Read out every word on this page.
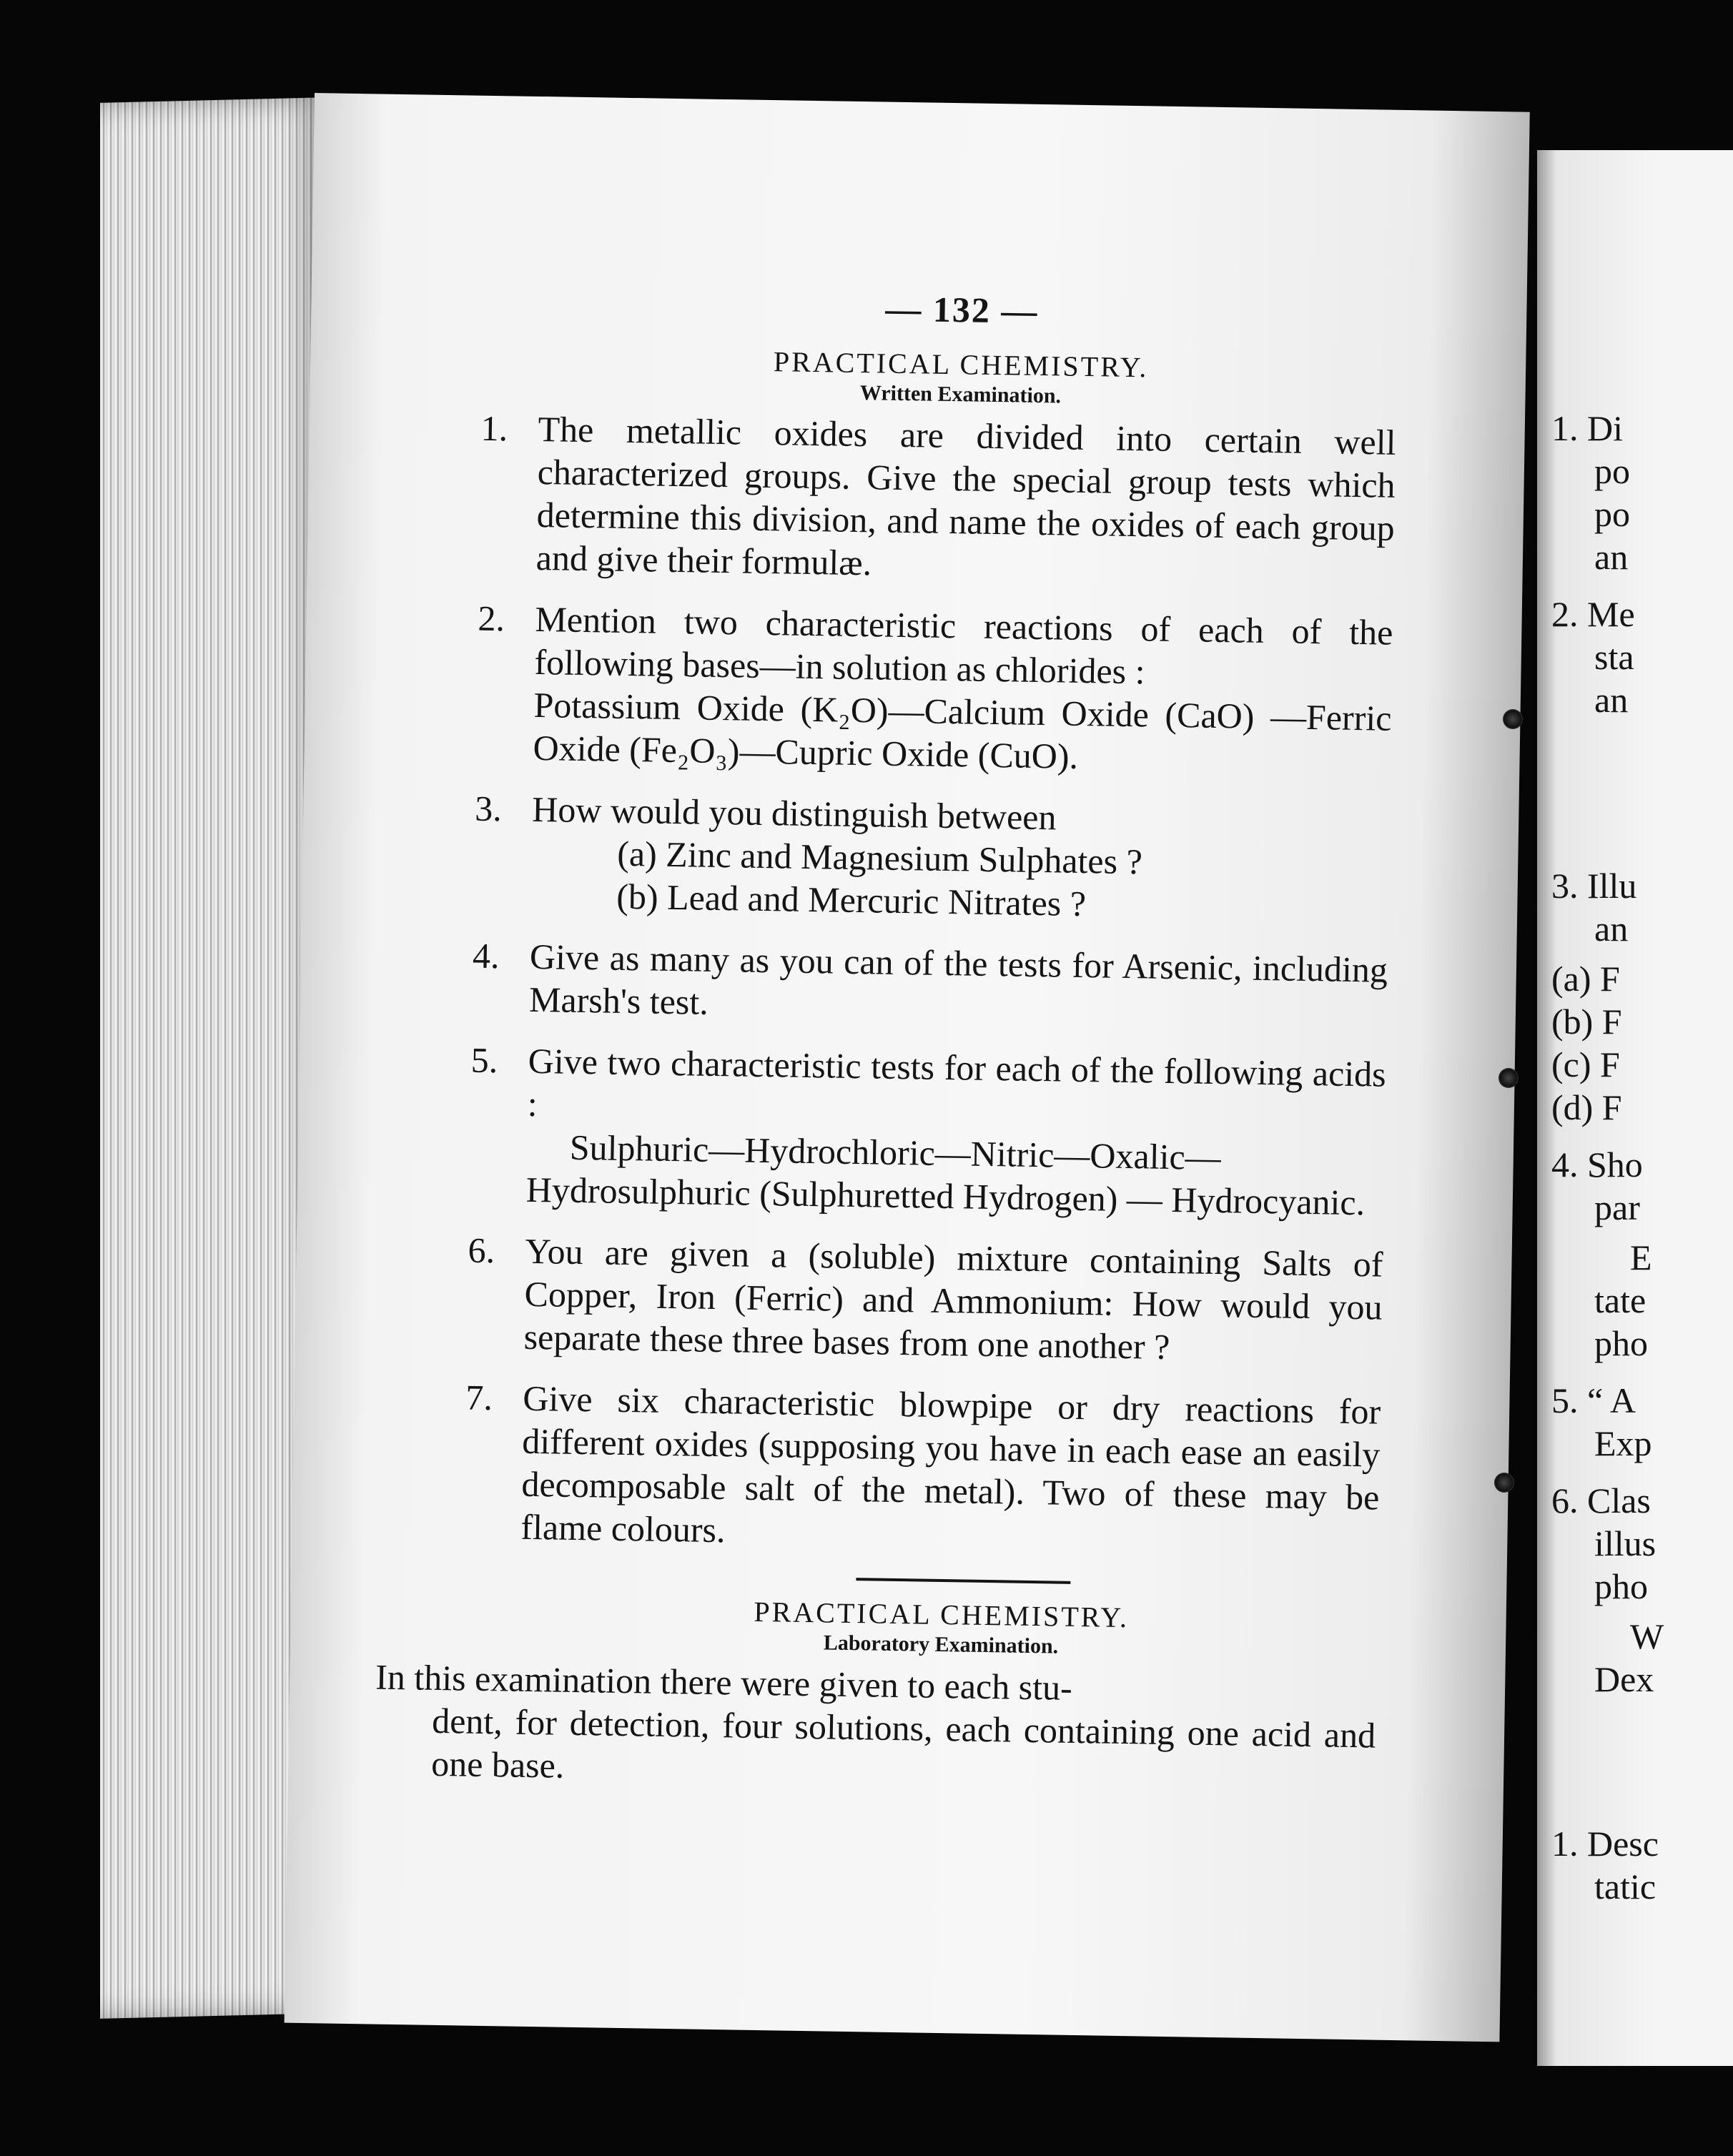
— 132 —
PRACTICAL CHEMISTRY.
Written Examination.
1. The metallic oxides are divided into certain well characterized groups. Give the special group tests which determine this division, and name the oxides of each group and give their formulæ.
2. Mention two characteristic reactions of each of the following bases—in solution as chlorides :
Potassium Oxide (K₂O)—Calcium Oxide (CaO) —Ferric Oxide (Fe₂O₃)—Cupric Oxide (CuO).
3. How would you distinguish between
(a) Zinc and Magnesium Sulphates ?
(b) Lead and Mercuric Nitrates ?
4. Give as many as you can of the tests for Arsenic, including Marsh's test.
5. Give two characteristic tests for each of the following acids :
Sulphuric—Hydrochloric—Nitric—Oxalic— Hydrosulphuric (Sulphuretted Hydrogen) — Hydrocyanic.
6. You are given a (soluble) mixture containing Salts of Copper, Iron (Ferric) and Ammonium: How would you separate these three bases from one another ?
7. Give six characteristic blowpipe or dry reactions for different oxides (supposing you have in each ease an easily decomposable salt of the metal). Two of these may be flame colours.
PRACTICAL CHEMISTRY.
Laboratory Examination.
In this examination there were given to each stu-
dent, for detection, four solutions, each containing one acid and one base.
1. Di
po
po
an
2. Me
sta
an
3. Illu
an
(a) F
(b) F
(c) F
(d) F
4. Sho
par
E
tate
pho
5. “ A
Exp
6. Clas
illus
pho
W
Dex
1. Desc
tatic
